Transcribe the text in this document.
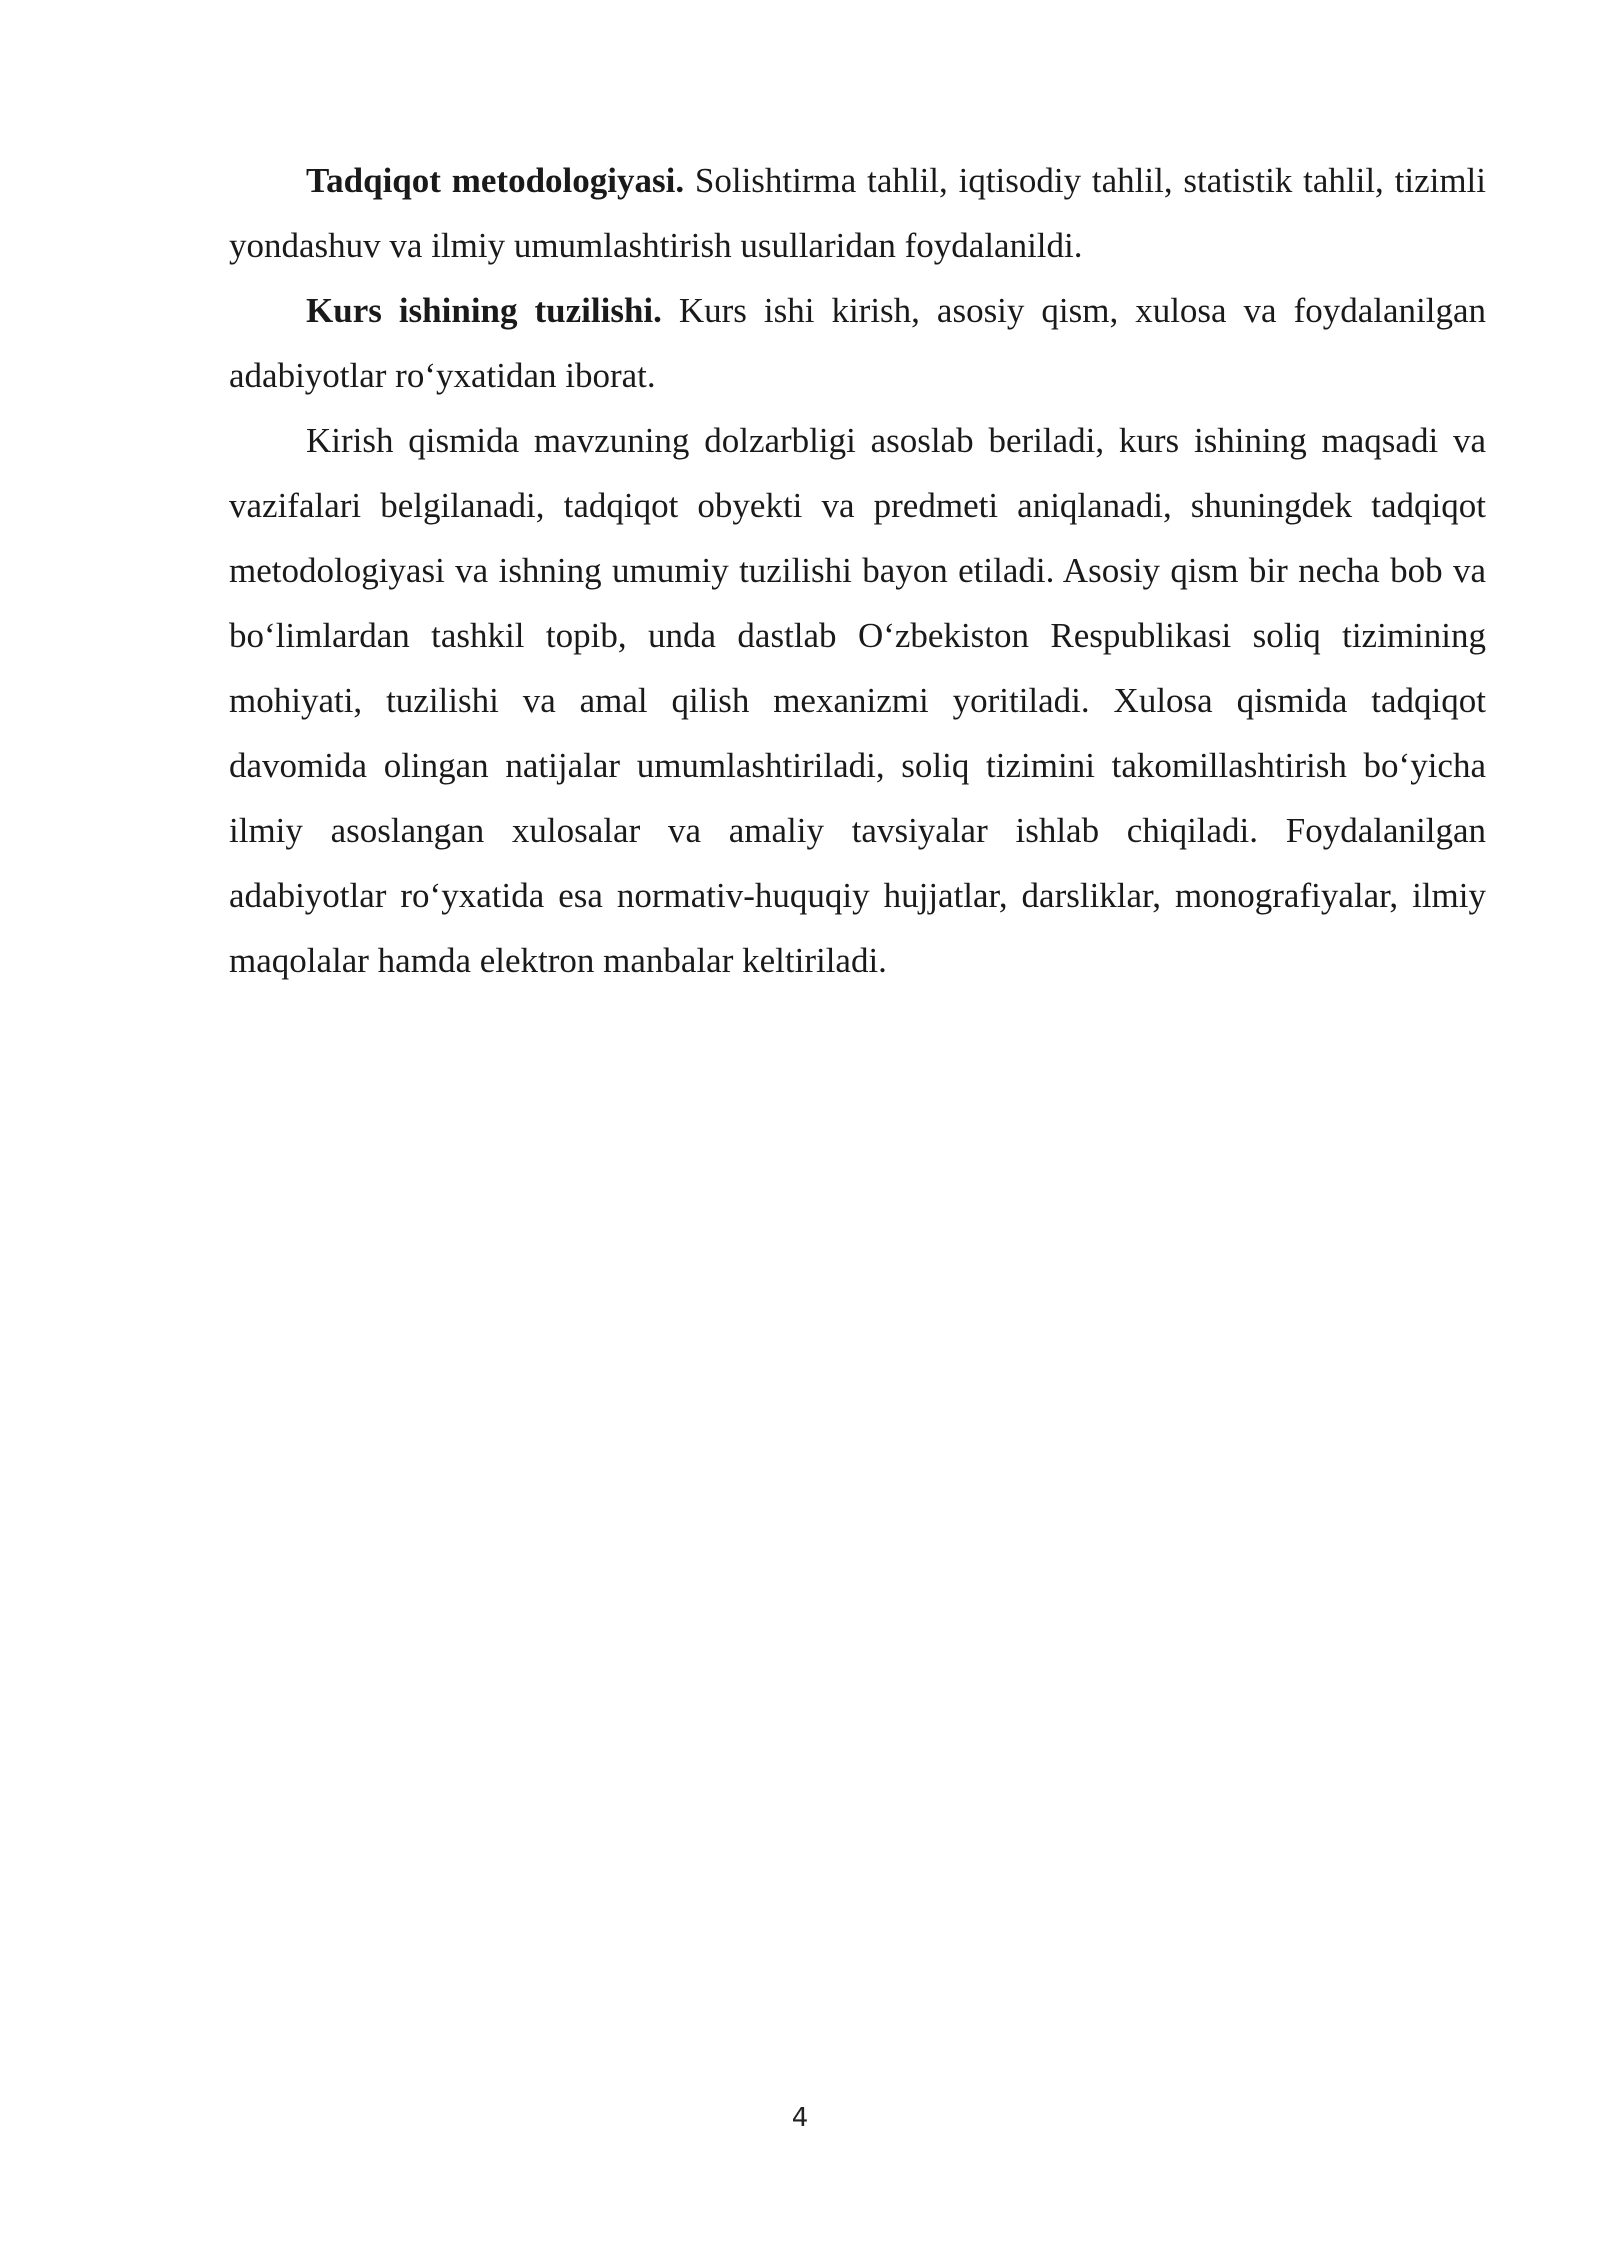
Tadqiqot metodologiyasi. Solishtirma tahlil, iqtisodiy tahlil, statistik tahlil, tizimli yondashuv va ilmiy umumlashtirish usullaridan foydalanildi.

Kurs ishining tuzilishi. Kurs ishi kirish, asosiy qism, xulosa va foydalanilgan adabiyotlar ro‘yxatidan iborat.

Kirish qismida mavzuning dolzarbligi asoslab beriladi, kurs ishining maqsadi va vazifalari belgilanadi, tadqiqot obyekti va predmeti aniqlanadi, shuningdek tadqiqot metodologiyasi va ishning umumiy tuzilishi bayon etiladi. Asosiy qism bir necha bob va bo‘limlardan tashkil topib, unda dastlab O‘zbekiston Respublikasi soliq tizimining mohiyati, tuzilishi va amal qilish mexanizmi yoritiladi. Xulosa qismida tadqiqot davomida olingan natijalar umumlashtiriladi, soliq tizimini takomillashtirish bo‘yicha ilmiy asoslangan xulosalar va amaliy tavsiyalar ishlab chiqiladi. Foydalanilgan adabiyotlar ro‘yxatida esa normativ-huquqiy hujjatlar, darsliklar, monografiyalar, ilmiy maqolalar hamda elektron manbalar keltiriladi.

4
